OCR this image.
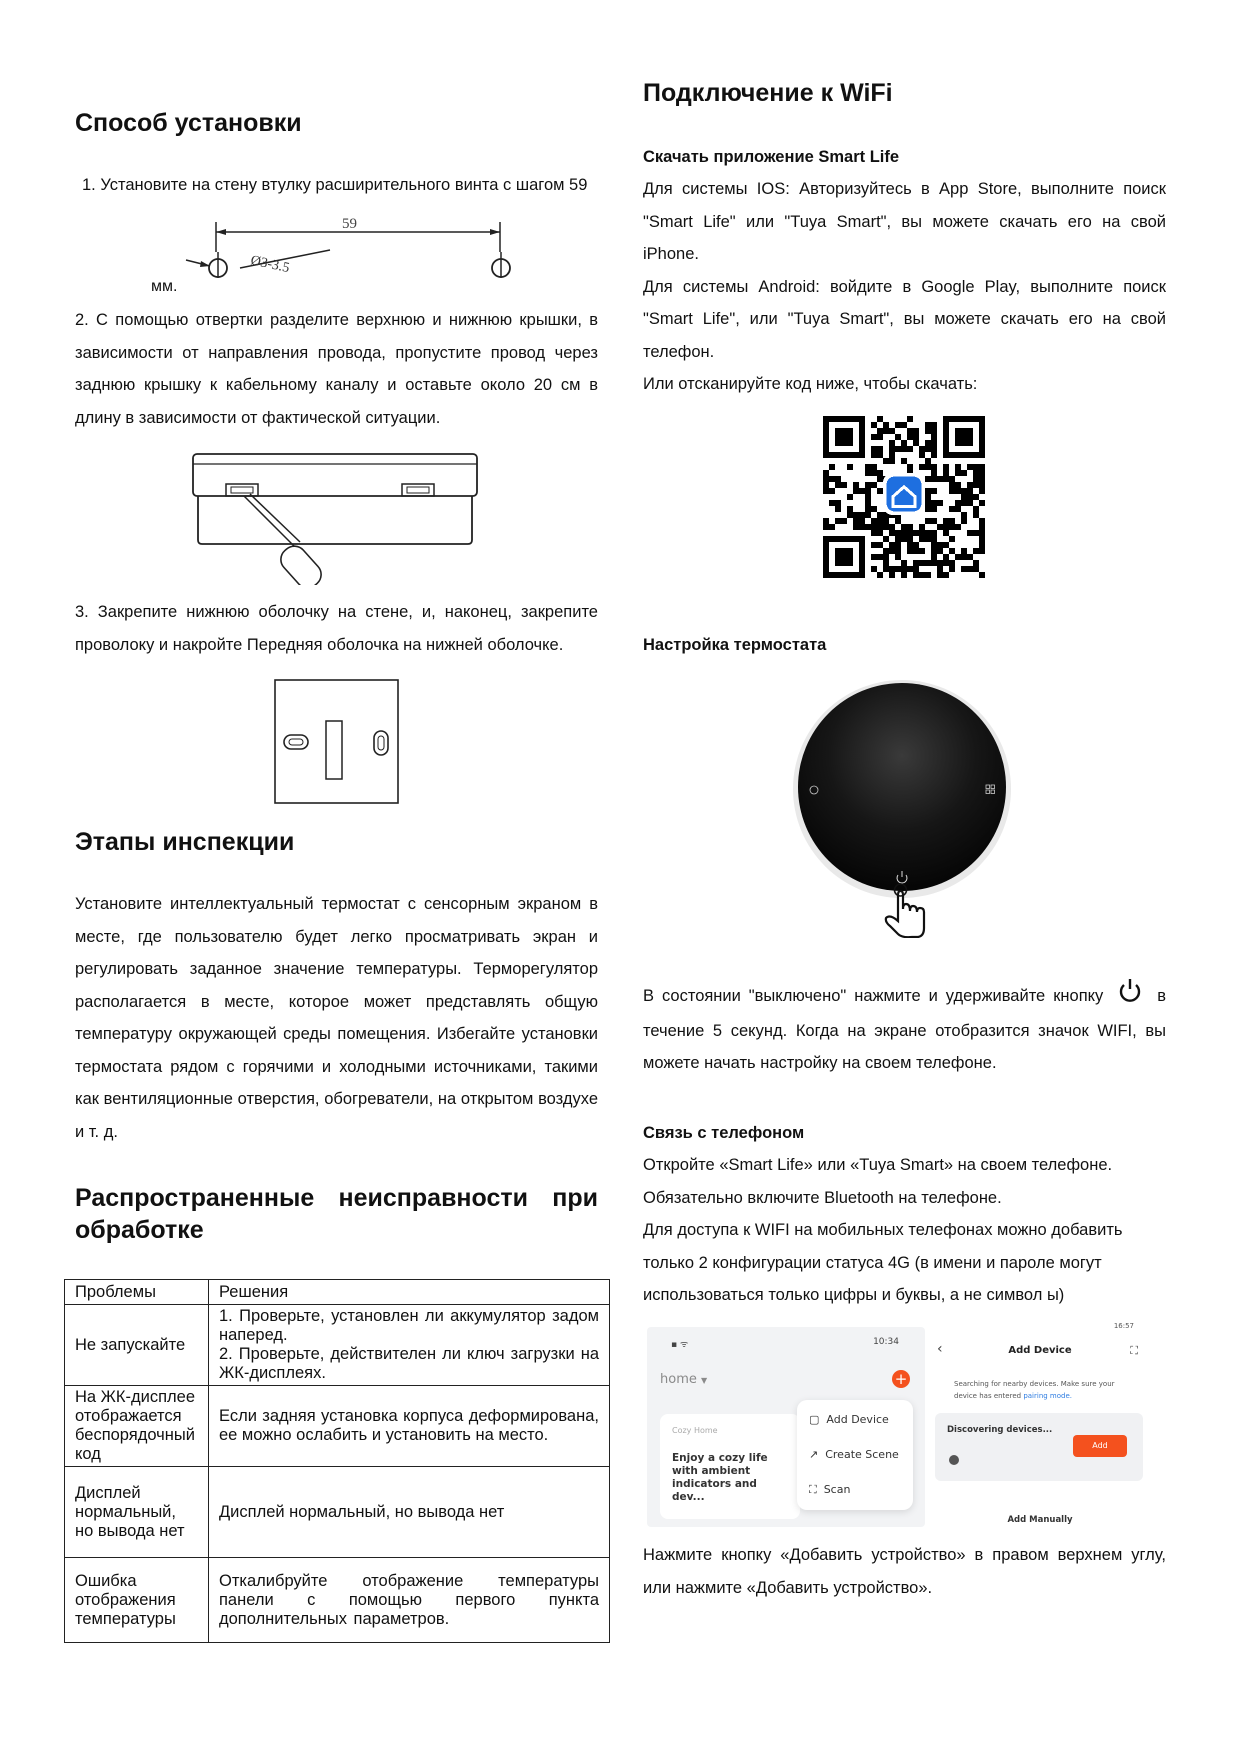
Способ установки
1. Установите на стену втулку расширительного винта с шагом 59
59
Ø3-3.5
мм.
2. С помощью отвертки разделите верхнюю и нижнюю крышки, в зависимости от направления провода, пропустите провод через заднюю крышку к кабельному каналу и оставьте около 20 см в длину в зависимости от фактической ситуации.
3. Закрепите нижнюю оболочку на стене, и, наконец, закрепите проволоку и накройте Передняя оболочка на нижней оболочке.
Этапы инспекции
Установите интеллектуальный термостат с сенсорным экраном в месте, где пользователю будет легко просматривать экран и регулировать заданное значение температуры. Терморегулятор располагается в месте, которое может представлять общую температуру окружающей среды помещения. Избегайте установки термостата рядом с горячими и холодными источниками, такими как вентиляционные отверстия, обогреватели, на открытом воздухе и т. д.
Распространенные неисправности при
обработке
Проблемы	Решения
Не запускайте	1. Проверьте, установлен ли аккумулятор задом наперед.
2. Проверьте, действителен ли ключ загрузки на ЖК-дисплеях.

На ЖК-дисплее отображается беспорядочный код	Если задняя установка корпуса деформирована, ее можно ослабить и установить на место.
Дисплей нормальный, но вывода нет	Дисплей нормальный, но вывода нет
Ошибка отображения температуры	Откалибруйте отображение температуры панели с помощью первого пункта дополнительных параметров.
Подключение к WiFi
Скачать приложение Smart Life

Для системы IOS: Авторизуйтесь в App Store, выполните поиск "Smart Life" или "Tuya Smart", вы можете скачать его на свой iPhone.

Для системы Android: войдите в Google Play, выполните поиск "Smart Life", или "Tuya Smart", вы можете скачать его на свой телефон.

Или отсканируйте код ниже, чтобы скачать:

Настройка термостата
В состоянии "выключено" нажмите и удерживайте кнопку	в
течение 5 секунд. Когда на экране отобразится значок WIFI, вы можете начать настройку на своем телефоне.
Связь с телефоном

Откройте «Smart Life» или «Tuya Smart» на своем телефоне.

Обязательно включите Bluetooth на телефоне.

Для доступа к WIFI на мобильных телефонах можно добавить только 2 конфигурации статуса 4G (в имени и пароле могут использоваться только цифры и буквы, а не символ ы)

▪ ᯤ	10:34
home ▼	+
Cozy Home
Enjoy a cozy life with ambient indicators and dev...
▢ Add Device
↗ Create Scene
⛶ Scan
16:57
‹	Add Device	⛶
Searching for nearby devices. Make sure your device has entered pairing mode.
Discovering devices...
Add
Add Manually
Нажмите кнопку «Добавить устройство» в правом верхнем углу, или нажмите «Добавить устройство».
